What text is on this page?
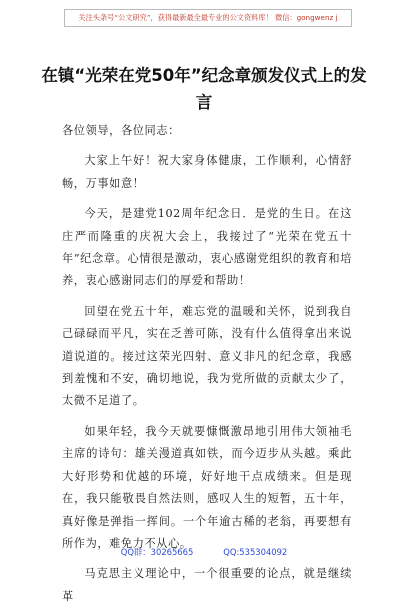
关注头条号“公文研究”，获得最新最全最专业的公文资料库！ 微信：gongwenz j
在镇“光荣在党50年”纪念章颁发仪式上的发言

各位领导，各位同志：

大家上午好！祝大家身体健康，工作顺利，心情舒畅，万事如意！

今天，是建党102周年纪念日．是党的生日。在这庄严而隆重的庆祝大会上，我接过了“光荣在党五十年”纪念章。心情很是激动，衷心感谢党组织的教育和培养，衷心感谢同志们的厚爱和帮助！

回望在党五十年，难忘党的温暖和关怀，说到我自己碌碌而平凡，实在乏善可陈，没有什么值得拿出来说道说道的。接过这荣光四射、意义非凡的纪念章，我感到羞愧和不安，确切地说，我为党所做的贡献太少了，太微不足道了。

如果年轻，我今天就要慷慨激昂地引用伟大领袖毛主席的诗句：雄关漫道真如铁，而今迈步从头越。乘此大好形势和优越的环境，好好地干点成绩来。但是现在，我只能敬畏自然法则，感叹人生的短暂，五十年，真好像是弹指一挥间。一个年逾古稀的老翁，再要想有所作为，难免力不从心。

马克思主义理论中，一个很重要的论点，就是继续革

QQ群：30265665	QQ:535304092
